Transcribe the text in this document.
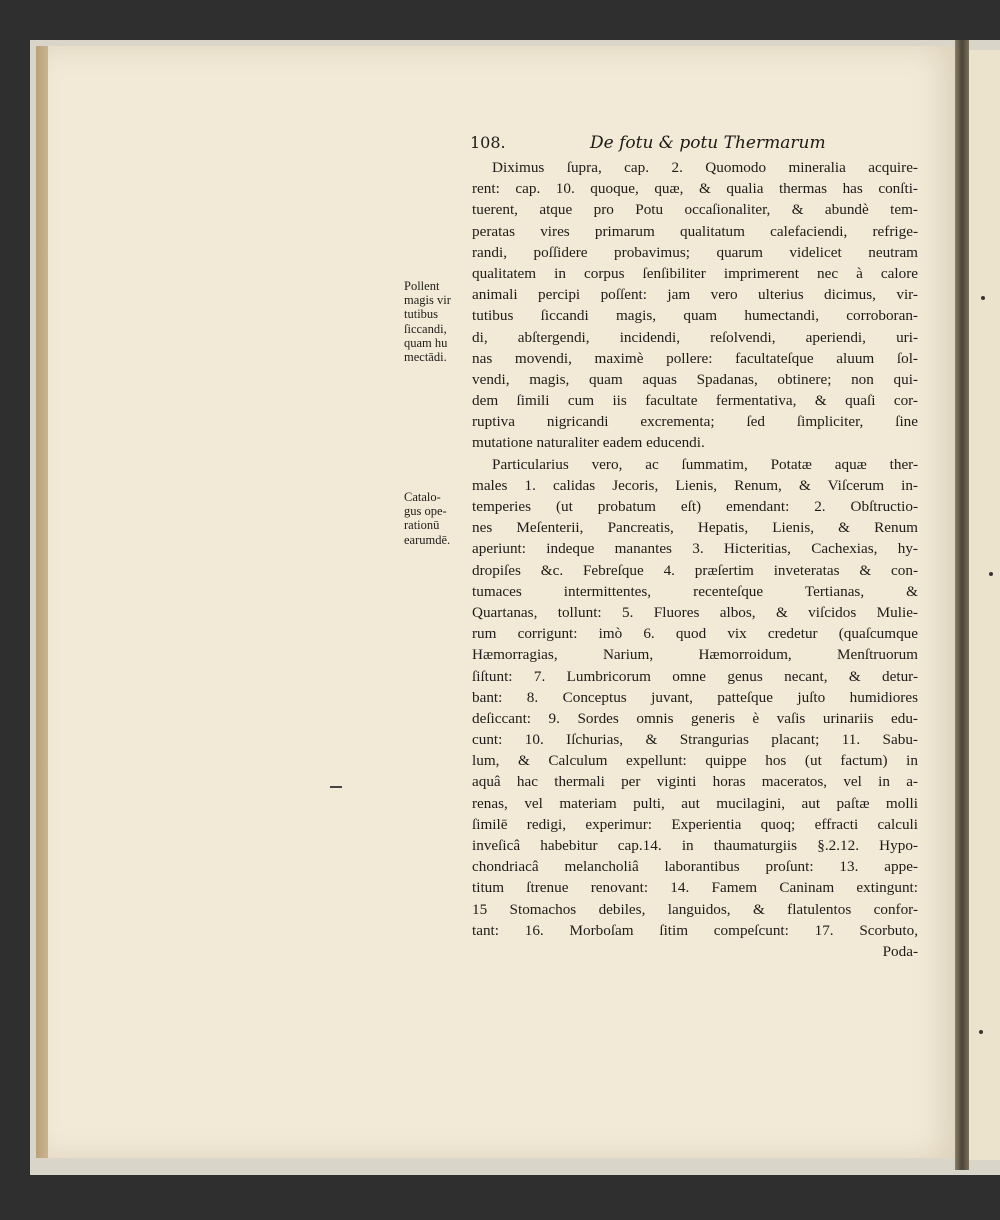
108.	De fotu & potu Thermarum
Diximus ſupra, cap. 2. Quomodo mineralia acquire-
rent: cap. 10. quoque, quæ, & qualia thermas has conſti-
tuerent, atque pro Potu occaſionaliter, & abundè tem-
peratas vires primarum qualitatum calefaciendi, refrige-
randi, poſſidere probavimus; quarum videlicet neutram
qualitatem in corpus ſenſibiliter imprimerent nec à calore
animali percipi poſſent: jam vero ulterius dicimus, vir-
tutibus ſiccandi magis, quam humectandi, corroboran-
di, abſtergendi, incidendi, reſolvendi, aperiendi, uri-
nas movendi, maximè pollere: facultateſque aluum ſol-
vendi, magis, quam aquas Spadanas, obtinere; non qui-
dem ſimili cum iis facultate fermentativa, & quaſi cor-
ruptiva nigricandi excrementa; ſed ſimpliciter, ſine
mutatione naturaliter eadem educendi.
Particularius vero, ac ſummatim, Potatæ aquæ ther-
males 1. calidas Jecoris, Lienis, Renum, & Viſcerum in-
temperies (ut probatum eſt) emendant: 2. Obſtructio-
nes Meſenterii, Pancreatis, Hepatis, Lienis, & Renum
aperiunt: indeque manantes 3. Hicteritias, Cachexias, hy-
dropiſes &c. Febreſque 4. præſertim inveteratas & con-
tumaces intermittentes, recenteſque Tertianas, &
Quartanas, tollunt: 5. Fluores albos, & viſcidos Mulie-
rum corrigunt: imò 6. quod vix credetur (quaſcumque
Hæmorragias, Narium, Hæmorroidum, Menſtruorum
ſiſtunt: 7. Lumbricorum omne genus necant, & detur-
bant: 8. Conceptus juvant, patteſque juſto humidiores
deſiccant: 9. Sordes omnis generis è vaſis urinariis edu-
cunt: 10. Iſchurias, & Strangurias placant; 11. Sabu-
lum, & Calculum expellunt: quippe hos (ut factum) in
aquâ hac thermali per viginti horas maceratos, vel in a-
renas, vel materiam pulti, aut mucilagini, aut paſtæ molli
ſimilē redigi, experimur: Experientia quoq; effracti calculi
inveſicâ habebitur cap.14. in thaumaturgiis §.2.12. Hypo-
chondriacâ melancholiâ laborantibus proſunt: 13. appe-
titum ſtrenue renovant: 14. Famem Caninam extingunt:
15 Stomachos debiles, languidos, & flatulentos confor-
tant: 16. Morboſam ſitim compeſcunt: 17. Scorbuto,
Poda-
Pollent
magis vir
tutibus
ſiccandi,
quam hu
mectādi.
Catalo-
gus ope-
rationū
earumdē.
